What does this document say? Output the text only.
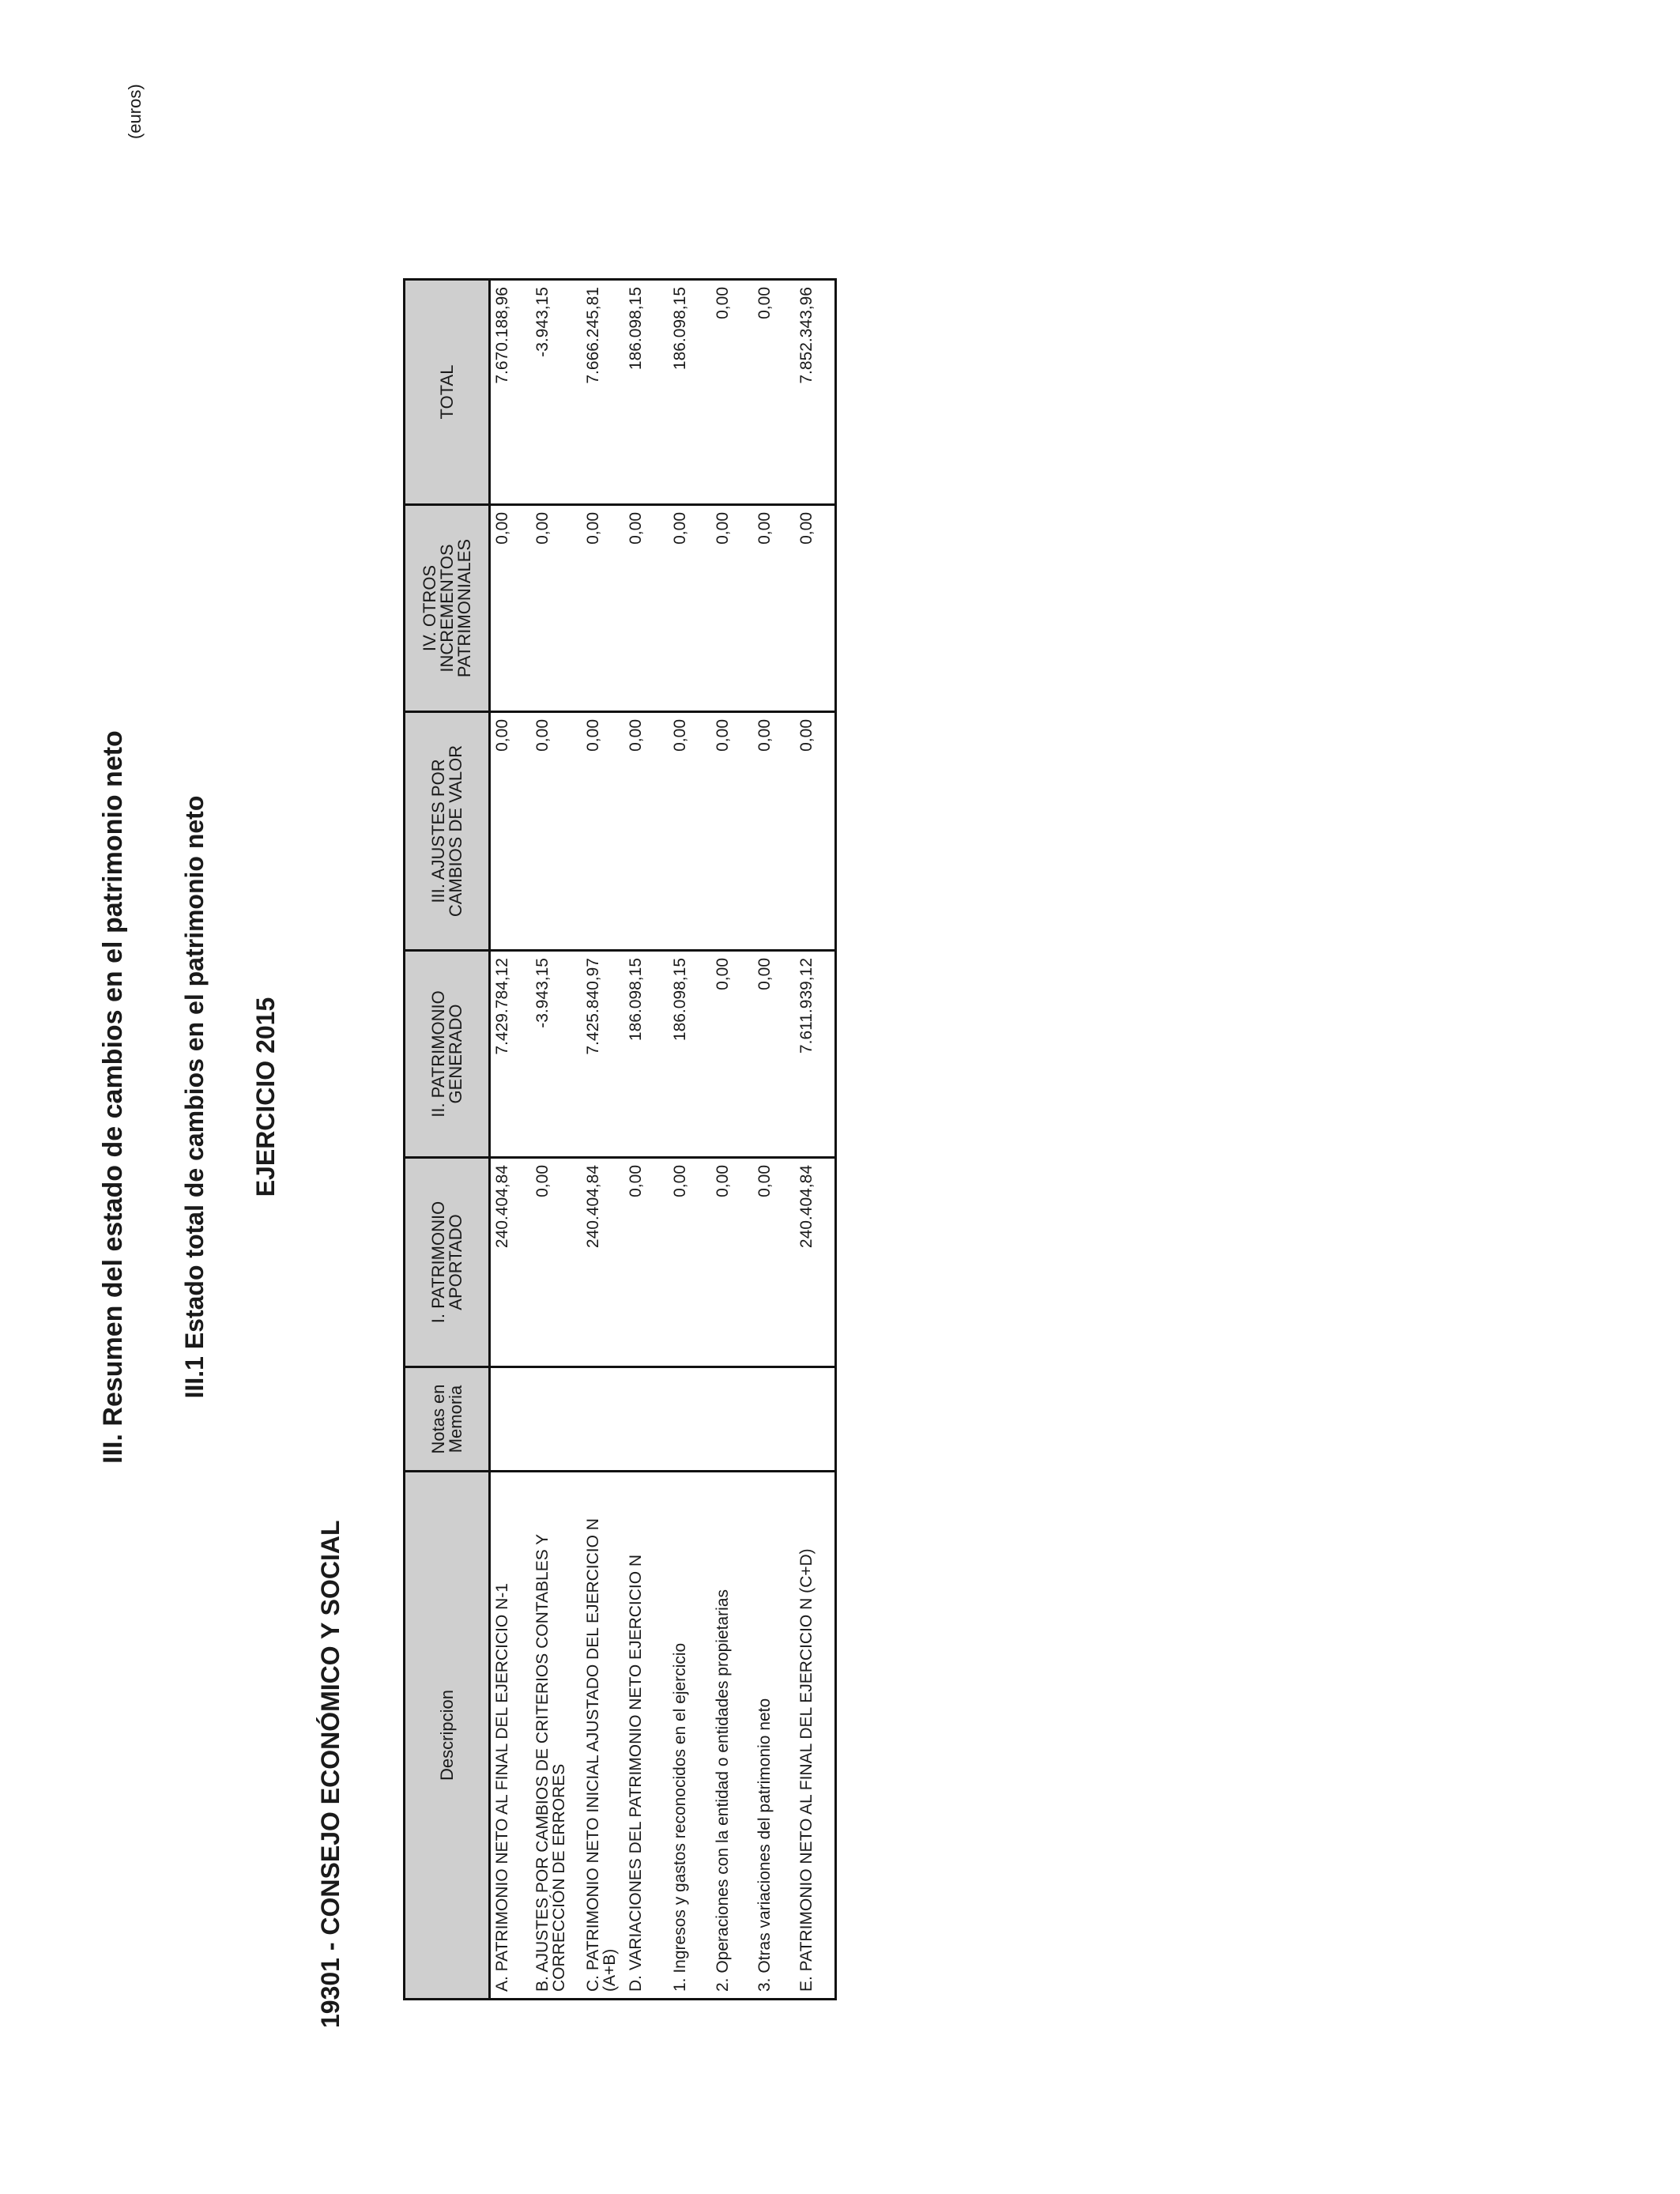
III. Resumen del estado de cambios en el patrimonio neto III.1 Estado total de cambios en el patrimonio neto EJERCICIO 2015
19301 - CONSEJO ECONÓMICO Y SOCIAL
(euros)
Descripcion	Notas en Memoria	I. PATRIMONIO APORTADO	II. PATRIMONIO GENERADO	III. AJUSTES POR CAMBIOS DE VALOR	IV. OTROS INCREMENTOS PATRIMONIALES	TOTAL
A. PATRIMONIO NETO AL FINAL DEL EJERCICIO N-1		240.404,84	7.429.784,12	0,00	0,00	7.670.188,96
B. AJUSTES POR CAMBIOS DE CRITERIOS CONTABLES Y CORRECCIÓN DE ERRORES		0,00	-3.943,15	0,00	0,00	-3.943,15
C. PATRIMONIO NETO INICIAL AJUSTADO DEL EJERCICIO N (A+B)		240.404,84	7.425.840,97	0,00	0,00	7.666.245,81
D. VARIACIONES DEL PATRIMONIO NETO EJERCICIO N		0,00	186.098,15	0,00	0,00	186.098,15
1. Ingresos y gastos reconocidos en el ejercicio		0,00	186.098,15	0,00	0,00	186.098,15
2. Operaciones con la entidad o entidades propietarias		0,00	0,00	0,00	0,00	0,00
3. Otras variaciones del patrimonio neto		0,00	0,00	0,00	0,00	0,00
E. PATRIMONIO NETO AL FINAL DEL EJERCICIO N (C+D)		240.404,84	7.611.939,12	0,00	0,00	7.852.343,96
